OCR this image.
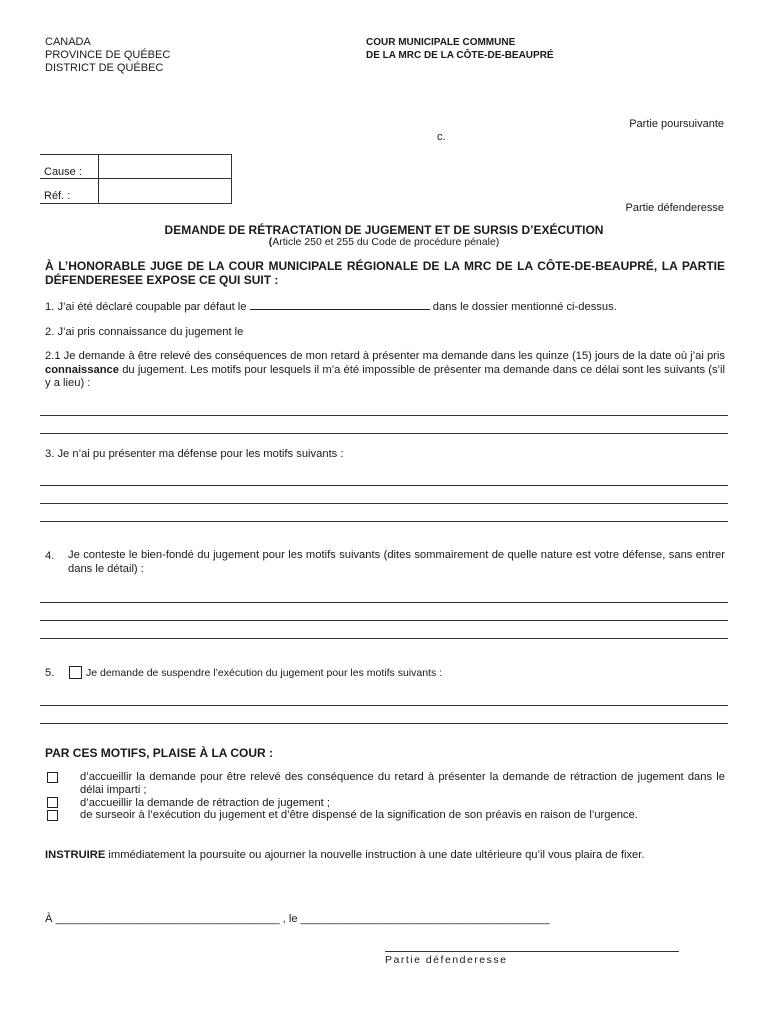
CANADA
PROVINCE DE QUÉBEC
DISTRICT DE QUÉBEC
COUR MUNICIPALE COMMUNE
DE LA MRC DE LA CÔTE-DE-BEAUPRÉ
Partie poursuivante
c.
Cause :
Réf. :
Partie défenderesse
DEMANDE DE RÉTRACTATION DE JUGEMENT ET DE SURSIS D’EXÉCUTION
(Article 250 et 255 du Code de procédure pénale)
À L’HONORABLE JUGE DE LA COUR MUNICIPALE RÉGIONALE DE LA MRC DE LA CÔTE-DE-BEAUPRÉ, LA PARTIE DÉFENDERESEE EXPOSE CE QUI SUIT :
1. J’ai été déclaré coupable par défaut le	dans le dossier mentionné ci-dessus.
2. J’ai pris connaissance du jugement le
2.1 Je demande à être relevé des conséquences de mon retard à présenter ma demande dans les quinze (15) jours de la date où j’ai pris connaissance du jugement. Les motifs pour lesquels il m’a été impossible de présenter ma demande dans ce délai sont les suivants (s’il y a lieu) :
3. Je n’ai pu présenter ma défense pour les motifs suivants :
4. Je conteste le bien-fondé du jugement pour les motifs suivants (dites sommairement de quelle nature est votre défense, sans entrer dans le détail) :
5.	Je demande de suspendre l’exécution du jugement pour les motifs suivants :
PAR CES MOTIFS, PLAISE À LA COUR :
d’accueillir la demande pour être relevé des conséquence du retard à présenter la demande de rétraction de jugement dans le délai imparti ;
d’accueillir la demande de rétraction de jugement ;
de surseoir à l’exécution du jugement et d’être dispensé de la signification de son préavis en raison de l’urgence.
INSTRUIRE immédiatement la poursuite ou ajourner la nouvelle instruction à une date ultérieure qu’il vous plaira de fixer.
À ____________________________________ , le ________________________________________
Partie défenderesse
